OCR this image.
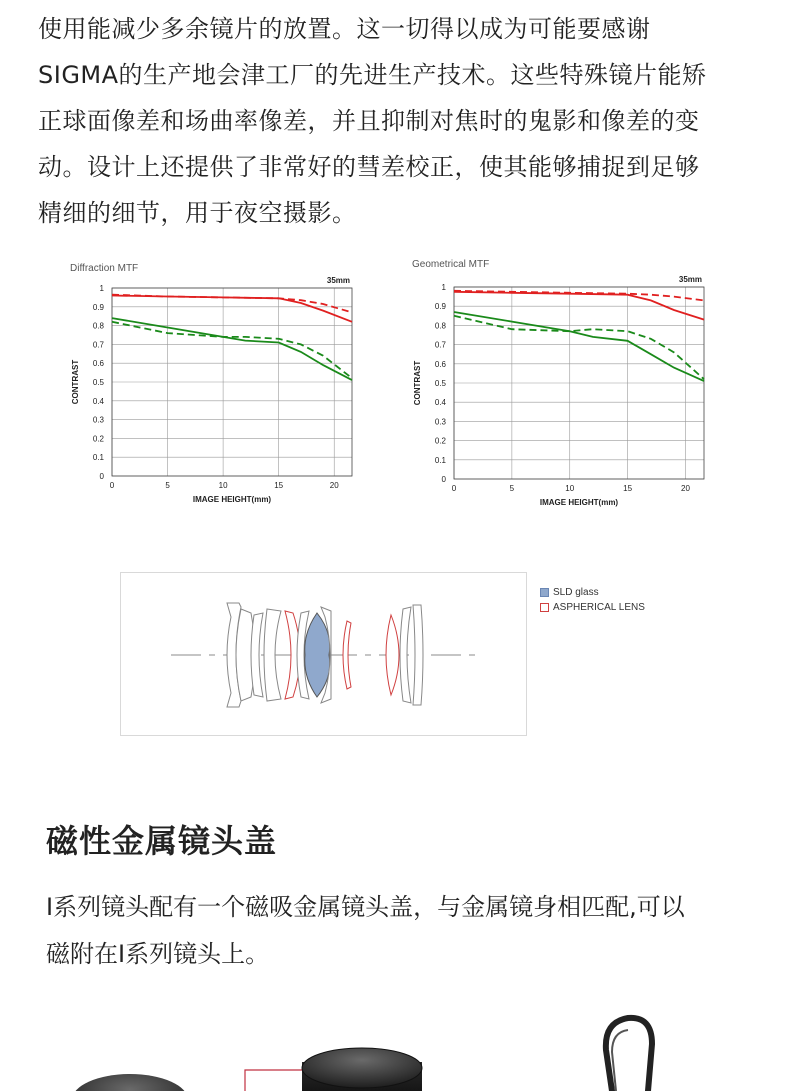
使用能减少多余镜片的放置。这一切得以成为可能要感谢

SIGMA的生产地会津工厂的先进生产技术。这些特殊镜片能矫

正球面像差和场曲率像差，并且抑制对焦时的鬼影和像差的变

动。设计上还提供了非常好的彗差校正，使其能够捕捉到足够

精细的细节，用于夜空摄影。

Diffraction MTF
35mm
0
0.1
0.2
0.3
0.4
0.5
0.6
0.7
0.8
0.9
1
0	5	10	15	20
IMAGE HEIGHT(mm)
CONTRAST
Geometrical MTF
35mm
0
0.1
0.2
0.3
0.4
0.5
0.6
0.7
0.8
0.9
1
0	5	10	15	20
IMAGE HEIGHT(mm)
CONTRAST
SLD glass
ASPHERICAL LENS
磁性金属镜头盖

I系列镜头配有一个磁吸金属镜头盖，与金属镜身相匹配,可以

磁附在I系列镜头上。
